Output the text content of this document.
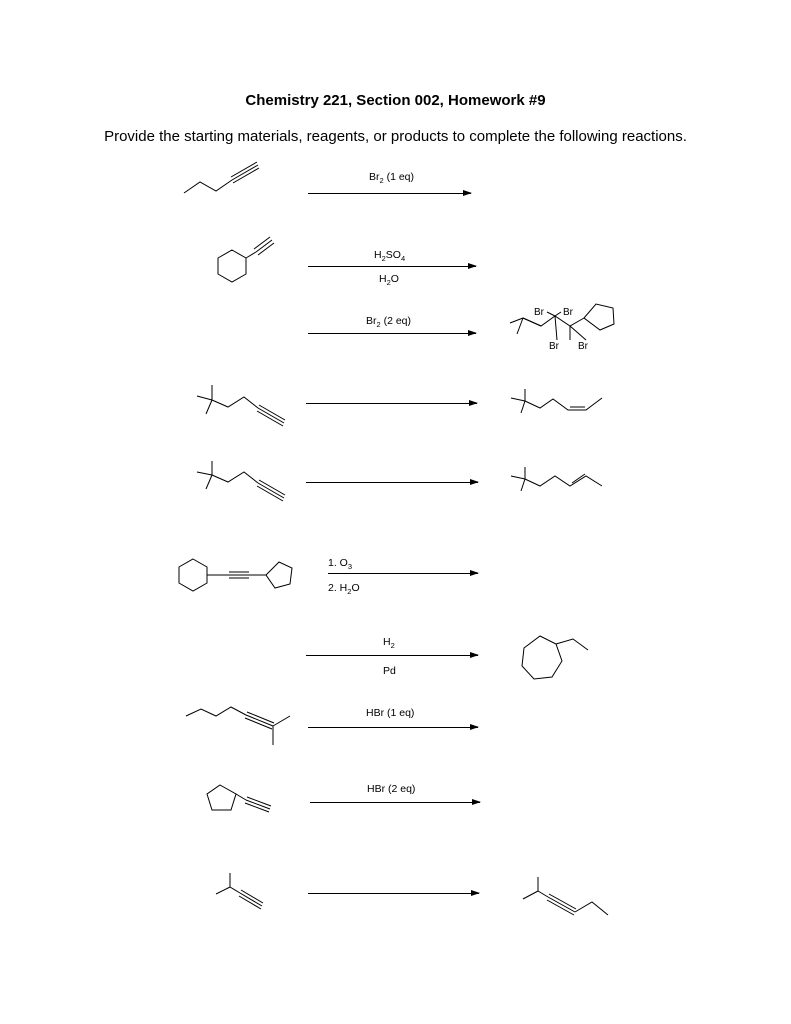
Chemistry 221, Section 002, Homework #9
Provide the starting materials, reagents, or products to complete the following reactions.
$Br_2$ (1 eq)
$H_2SO_4$
$H_2O$
$Br_2$ (2 eq)
1. $O_3$
2. $H_2O$
$H_2$
Pd
HBr (1 eq)
HBr (2 eq)
Br Br
Br Br
